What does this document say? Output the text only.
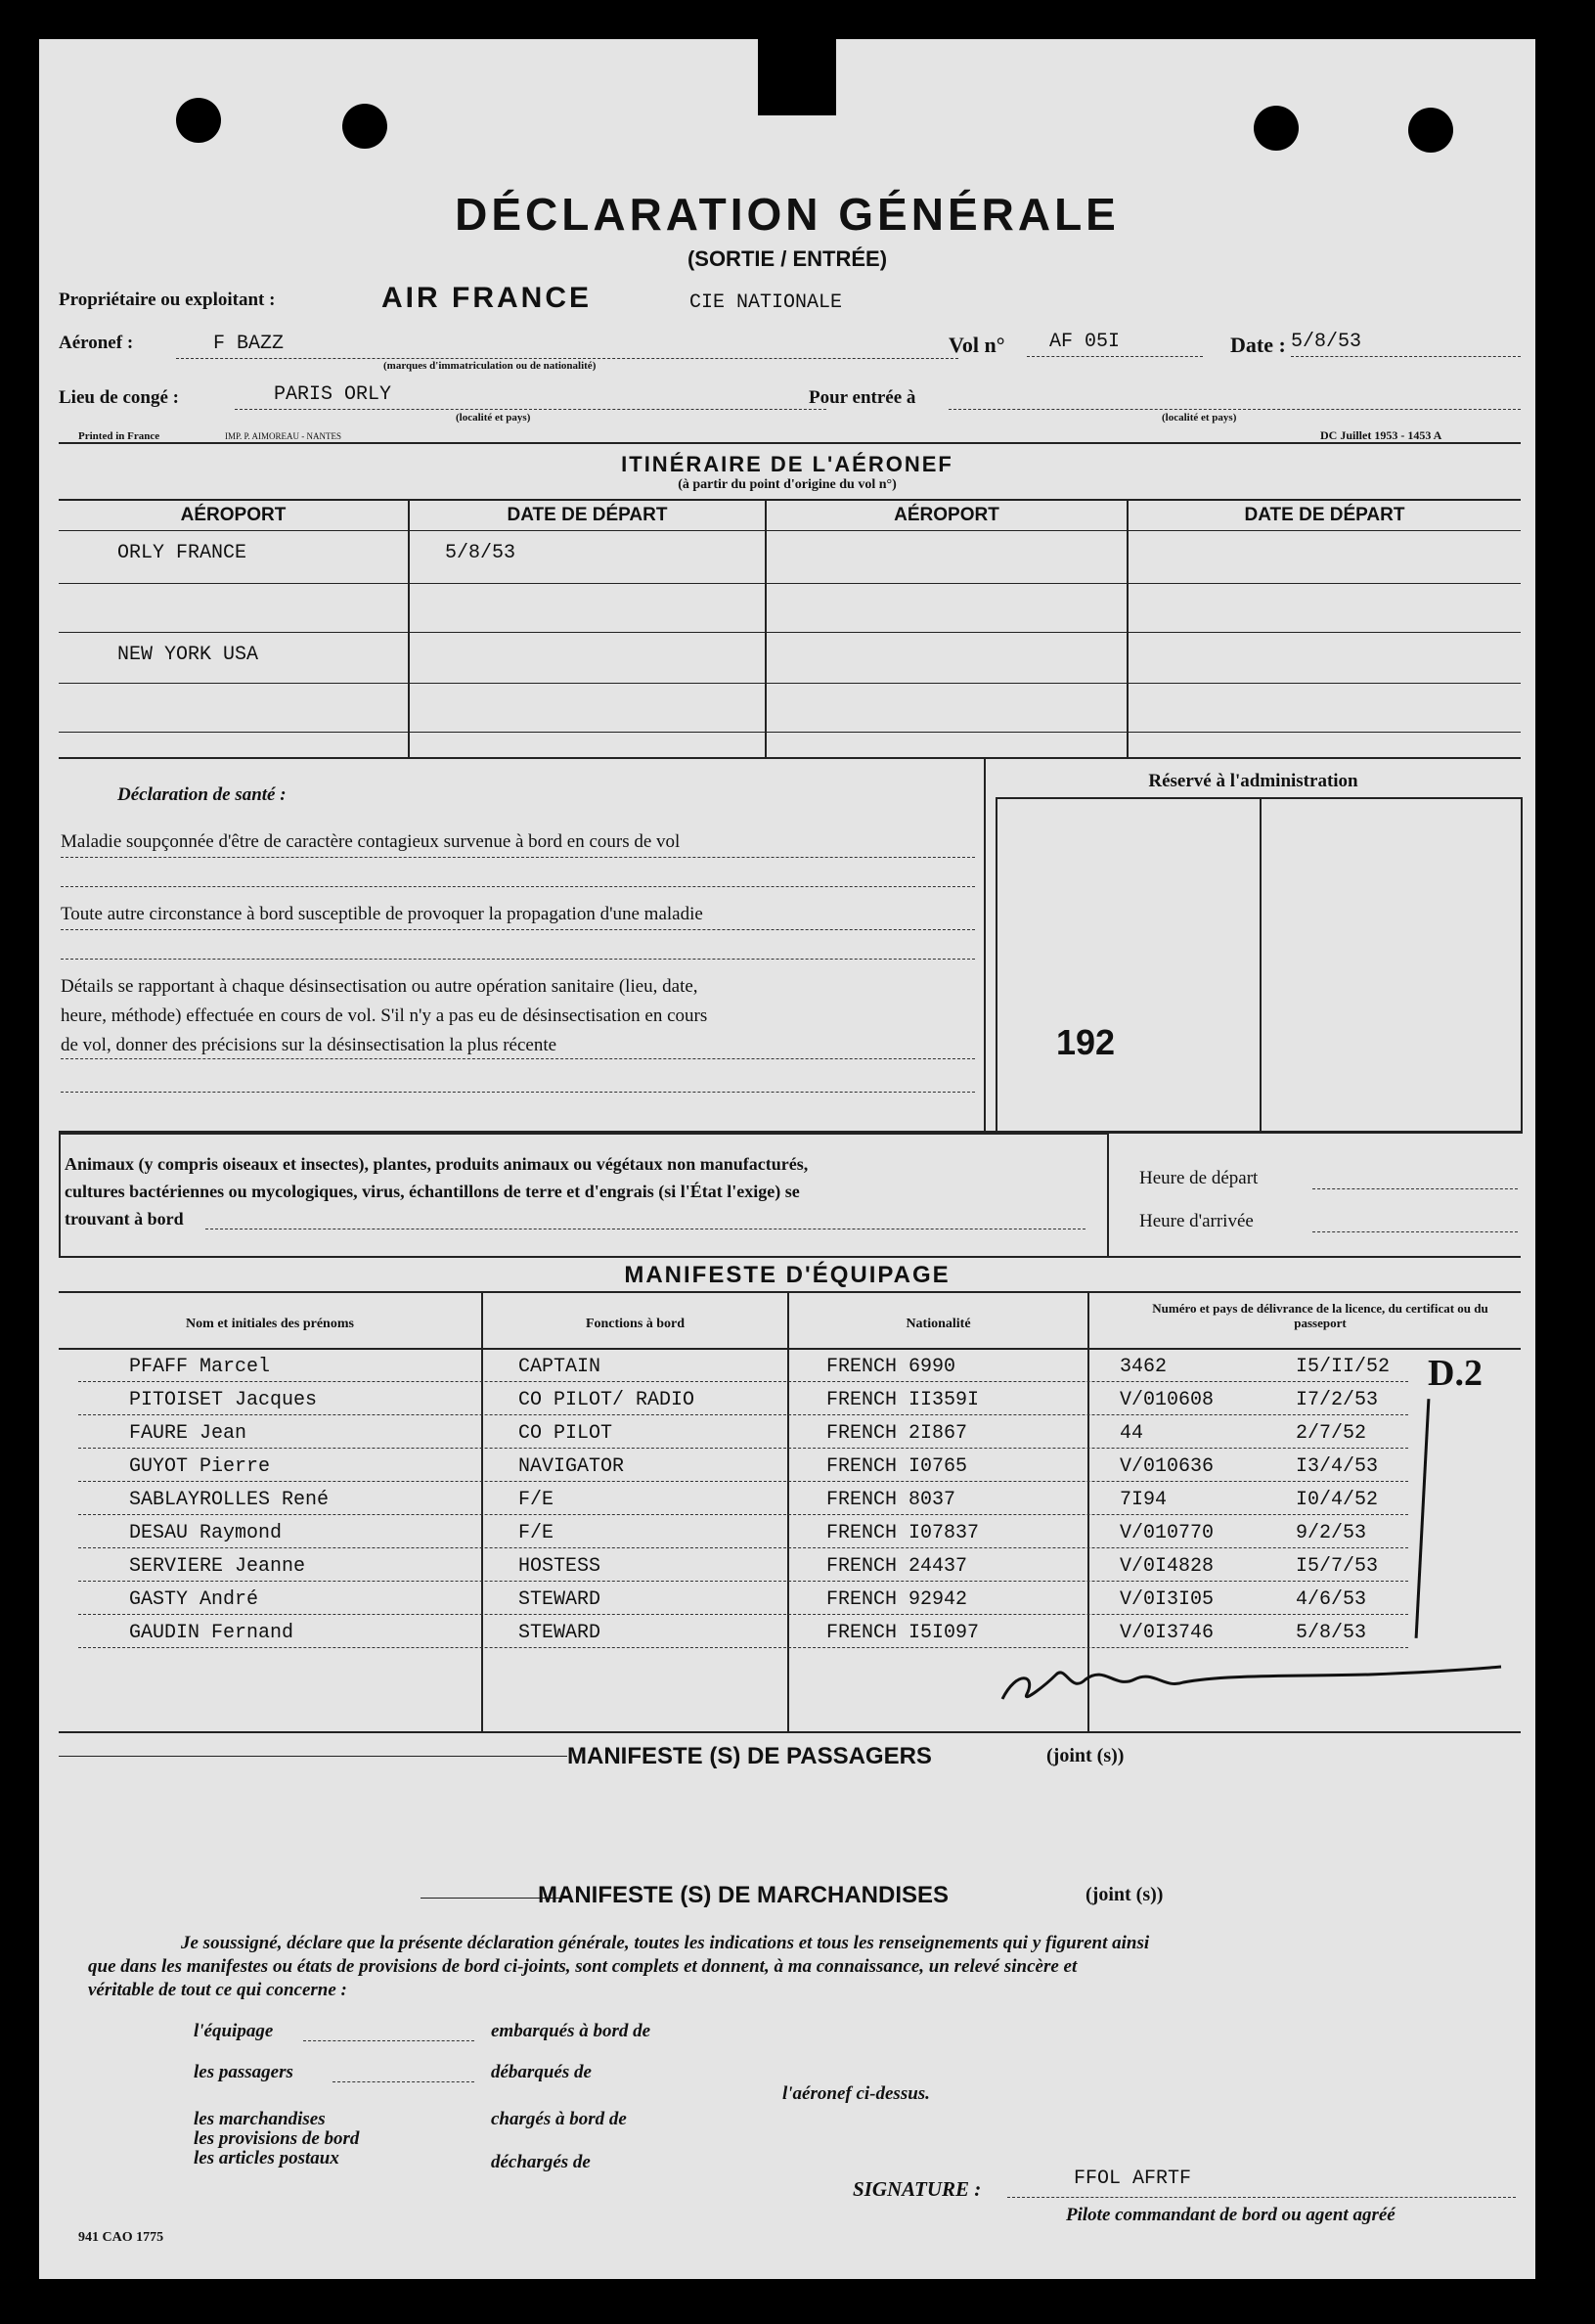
DÉCLARATION GÉNÉRALE
(SORTIE / ENTRÉE)
Propriétaire ou exploitant :	AIR FRANCE	CIE NATIONALE
Aéronef :	F BAZZ
(marques d'immatriculation ou de nationalité)
Vol n° AF 05I	Date : 5/8/53
Lieu de congé :	PARIS ORLY
(localité et pays)
Pour entrée à
(localité et pays)
Printed in France	IMP. P. AIMOREAU - NANTES	DC Juillet 1953 - 1453 A
ITINÉRAIRE DE L'AÉRONEF
(à partir du point d'origine du vol n°)
AÉROPORT	DATE DE DÉPART	AÉROPORT	DATE DE DÉPART
ORLY FRANCE	5/8/53
NEW YORK USA
Déclaration de santé :
Maladie soupçonnée d'être de caractère contagieux survenue à bord en cours de vol
Toute autre circonstance à bord susceptible de provoquer la propagation d'une maladie
Détails se rapportant à chaque désinsectisation ou autre opération sanitaire (lieu, date,
heure, méthode) effectuée en cours de vol. S'il n'y a pas eu de désinsectisation en cours
de vol, donner des précisions sur la désinsectisation la plus récente
Réservé à l'administration
192
Animaux (y compris oiseaux et insectes), plantes, produits animaux ou végétaux non manufacturés,
cultures bactériennes ou mycologiques, virus, échantillons de terre et d'engrais (si l'État l'exige) se
trouvant à bord
Heure de départ
Heure d'arrivée
MANIFESTE D'ÉQUIPAGE
Nom et initiales des prénoms	Fonctions à bord	Nationalité
Numéro et pays de délivrance de la licence, du certificat ou du passeport
PFAFF Marcel	CAPTAIN	FRENCH 6990	3462	I5/II/52
PITOISET Jacques	CO PILOT/ RADIO	FRENCH II359I	V/010608	I7/2/53
FAURE Jean	CO PILOT	FRENCH 2I867	44	2/7/52
GUYOT Pierre	NAVIGATOR	FRENCH I0765	V/010636	I3/4/53
SABLAYROLLES René	F/E	FRENCH 8037	7I94	I0/4/52
DESAU Raymond	F/E	FRENCH I07837	V/010770	9/2/53
SERVIERE Jeanne	HOSTESS	FRENCH 24437	V/0I4828	I5/7/53
GASTY André	STEWARD	FRENCH 92942	V/0I3I05	4/6/53
GAUDIN Fernand	STEWARD	FRENCH I5I097	V/0I3746	5/8/53
D.2
MANIFESTE (S) DE PASSAGERS	(joint (s))
MANIFESTE (S) DE MARCHANDISES	(joint (s))
Je soussigné, déclare que la présente déclaration générale, toutes les indications et tous les renseignements qui y figurent ainsi
que dans les manifestes ou états de provisions de bord ci-joints, sont complets et donnent, à ma connaissance, un relevé sincère et
véritable de tout ce qui concerne :
l'équipage
les passagers
les marchandises
les provisions de bord
les articles postaux
embarqués à bord de
débarqués de
chargés à bord de
déchargés de
l'aéronef ci-dessus.
SIGNATURE :	FFOL AFRTF
Pilote commandant de bord ou agent agréé
941 CAO 1775
